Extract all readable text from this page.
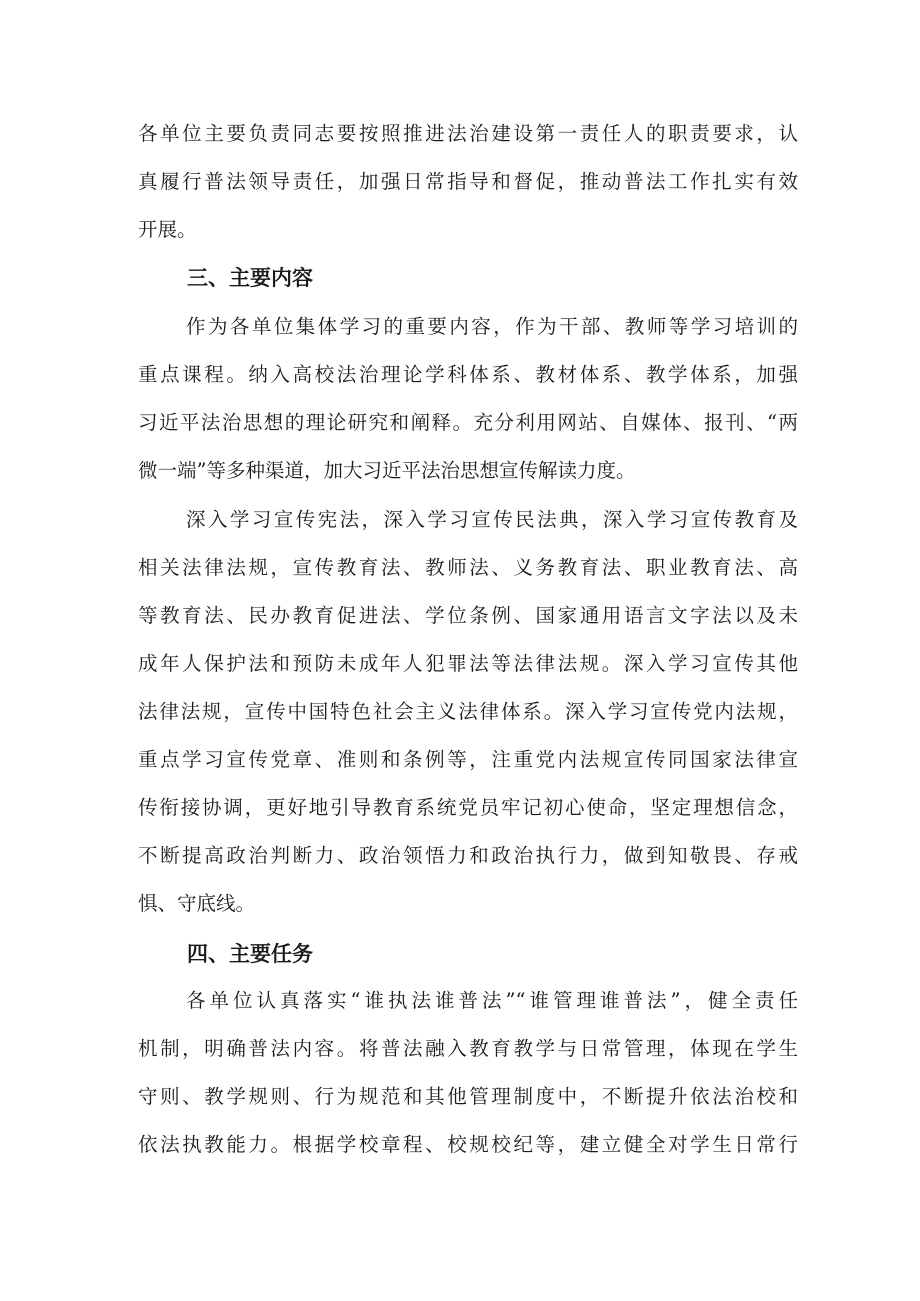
各单位主要负责同志要按照推进法治建设第一责任人的职责要求，认
真履行普法领导责任，加强日常指导和督促，推动普法工作扎实有效
开展。
三、主要内容
作为各单位集体学习的重要内容，作为干部、教师等学习培训的
重点课程。纳入高校法治理论学科体系、教材体系、教学体系，加强
习近平法治思想的理论研究和阐释。充分利用网站、自媒体、报刊、“两
微一端”等多种渠道，加大习近平法治思想宣传解读力度。
深入学习宣传宪法，深入学习宣传民法典，深入学习宣传教育及
相关法律法规，宣传教育法、教师法、义务教育法、职业教育法、高
等教育法、民办教育促进法、学位条例、国家通用语言文字法以及未
成年人保护法和预防未成年人犯罪法等法律法规。深入学习宣传其他
法律法规，宣传中国特色社会主义法律体系。深入学习宣传党内法规，
重点学习宣传党章、准则和条例等，注重党内法规宣传同国家法律宣
传衔接协调，更好地引导教育系统党员牢记初心使命，坚定理想信念，
不断提高政治判断力、政治领悟力和政治执行力，做到知敬畏、存戒
惧、守底线。
四、主要任务
各单位认真落实“谁执法谁普法”“谁管理谁普法”，健全责任
机制，明确普法内容。将普法融入教育教学与日常管理，体现在学生
守则、教学规则、行为规范和其他管理制度中，不断提升依法治校和
依法执教能力。根据学校章程、校规校纪等，建立健全对学生日常行
